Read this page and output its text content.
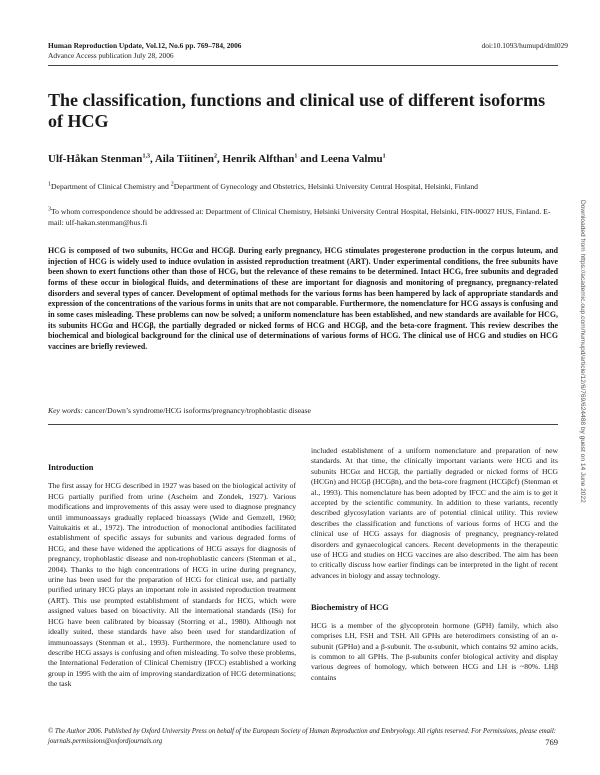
Human Reproduction Update, Vol.12, No.6 pp. 769–784, 2006
Advance Access publication July 28, 2006
doi:10.1093/humupd/dml029
The classification, functions and clinical use of different isoforms of HCG
Ulf-Håkan Stenman$^{1,3}$, Aila Tiitinen$^2$, Henrik Alfthan$^1$ and Leena Valmu$^1$
$^1$Department of Clinical Chemistry and $^2$Department of Gynecology and Obstetrics, Helsinki University Central Hospital, Helsinki, Finland
$^3$To whom correspondence should be addressed at: Department of Clinical Chemistry, Helsinki University Central Hospital, Helsinki, FIN-00027 HUS, Finland. E-mail: ulf-hakan.stenman@hus.fi
HCG is composed of two subunits, HCGα and HCGβ. During early pregnancy, HCG stimulates progesterone production in the corpus luteum, and injection of HCG is widely used to induce ovulation in assisted reproduction treatment (ART). Under experimental conditions, the free subunits have been shown to exert functions other than those of HCG, but the relevance of these remains to be determined. Intact HCG, free subunits and degraded forms of these occur in biological fluids, and determinations of these are important for diagnosis and monitoring of pregnancy, pregnancy-related disorders and several types of cancer. Development of optimal methods for the various forms has been hampered by lack of appropriate standards and expression of the concentrations of the various forms in units that are not comparable. Furthermore, the nomenclature for HCG assays is confusing and in some cases misleading. These problems can now be solved; a uniform nomenclature has been established, and new standards are available for HCG, its subunits HCGα and HCGβ, the partially degraded or nicked forms of HCG and HCGβ, and the beta-core fragment. This review describes the biochemical and biological background for the clinical use of determinations of various forms of HCG. The clinical use of HCG and studies on HCG vaccines are briefly reviewed.
Key words: cancer/Down’s syndrome/HCG isoforms/pregnancy/trophoblastic disease
Introduction
The first assay for HCG described in 1927 was based on the biological activity of HCG partially purified from urine (Ascheim and Zondek, 1927). Various modifications and improvements of this assay were used to diagnose pregnancy until immunoassays gradually replaced bioassays (Wide and Gemzell, 1960; Vaitukaitis et al., 1972). The introduction of monoclonal antibodies facilitated establishment of specific assays for subunits and various degraded forms of HCG, and these have widened the applications of HCG assays for diagnosis of pregnancy, trophoblastic disease and non-trophoblastic cancers (Stenman et al., 2004). Thanks to the high concentrations of HCG in urine during pregnancy, urine has been used for the preparation of HCG for clinical use, and partially purified urinary HCG plays an important role in assisted reproduction treatment (ART). This use prompted establishment of standards for HCG, which were assigned values based on bioactivity. All the international standards (ISs) for HCG have been calibrated by bioassay (Storring et al., 1980). Although not ideally suited, these standards have also been used for standardization of immunoassays (Stenman et al., 1993). Furthermore, the nomenclature used to describe HCG assays is confusing and often misleading. To solve these problems, the International Federation of Clinical Chemistry (IFCC) established a working group in 1995 with the aim of improving standardization of HCG determinations; the task
included establishment of a uniform nomenclature and preparation of new standards. At that time, the clinically important variants were HCG and its subunits HCGα and HCGβ, the partially degraded or nicked forms of HCG (HCGn) and HCGβ (HCGβn), and the beta-core fragment (HCGβcf) (Stenman et al., 1993). This nomenclature has been adopted by IFCC and the aim is to get it accepted by the scientific community. In addition to these variants, recently described glycosylation variants are of potential clinical utility. This review describes the classification and functions of various forms of HCG and the clinical use of HCG assays for diagnosis of pregnancy, pregnancy-related disorders and gynaecological cancers. Recent developments in the therapeutic use of HCG and studies on HCG vaccines are also described. The aim has been to critically discuss how earlier findings can be interpreted in the light of recent advances in biology and assay technology.
Biochemistry of HCG
HCG is a member of the glycoprotein hormone (GPH) family, which also comprises LH, FSH and TSH. All GPHs are heterodimers consisting of an α-subunit (GPHα) and a β-subunit. The α-subunit, which contains 92 amino acids, is common to all GPHs. The β-subunits confer biological activity and display various degrees of homology, which between HCG and LH is ~80%. LHβ contains
© The Author 2006. Published by Oxford University Press on behalf of the European Society of Human Reproduction and Embryology. All rights reserved. For Permissions, please email: journals.permissions@oxfordjournals.org	769
Downloaded from https://academic.oup.com/humupd/article/12/6/769/624488 by guest on 14 June 2022
